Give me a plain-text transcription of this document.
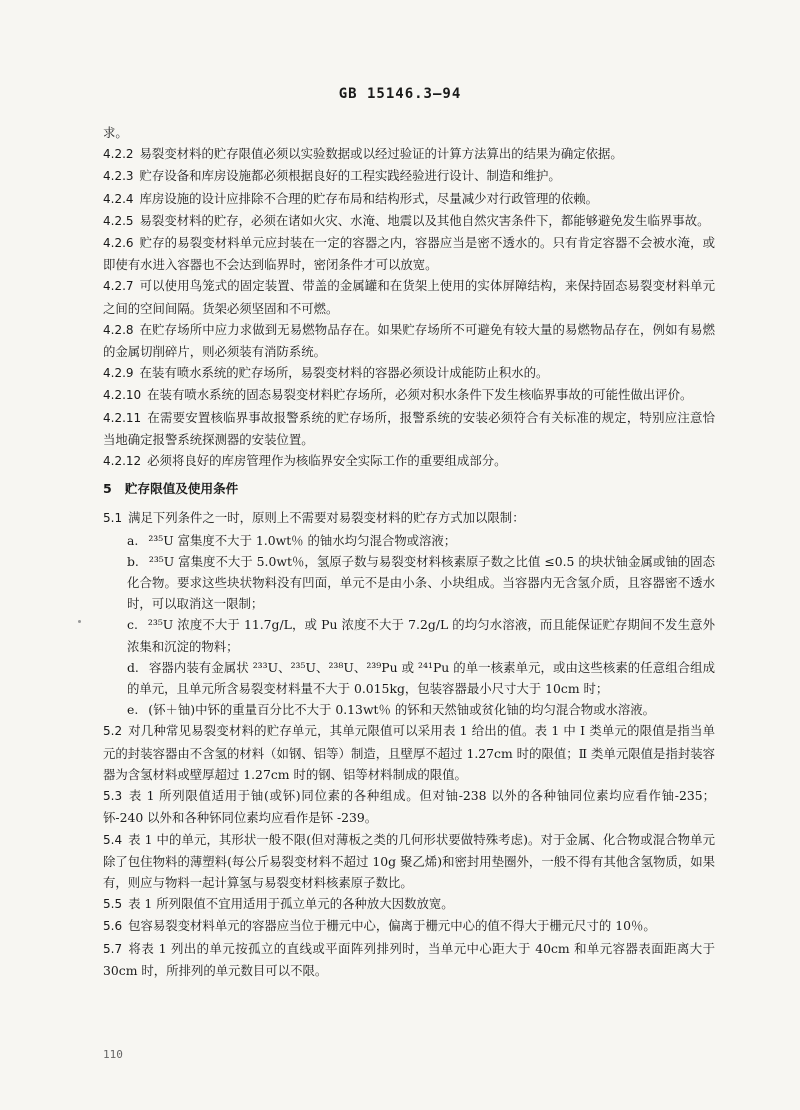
GB 15146.3—94

求。

4.2.2 易裂变材料的贮存限值必须以实验数据或以经过验证的计算方法算出的结果为确定依据。

4.2.3 贮存设备和库房设施都必须根据良好的工程实践经验进行设计、制造和维护。

4.2.4 库房设施的设计应排除不合理的贮存布局和结构形式，尽量减少对行政管理的依赖。

4.2.5 易裂变材料的贮存，必须在诸如火灾、水淹、地震以及其他自然灾害条件下，都能够避免发生临界事故。

4.2.6 贮存的易裂变材料单元应封装在一定的容器之内，容器应当是密不透水的。只有肯定容器不会被水淹，或即使有水进入容器也不会达到临界时，密闭条件才可以放宽。

4.2.7 可以使用鸟笼式的固定装置、带盖的金属罐和在货架上使用的实体屏障结构，来保持固态易裂变材料单元之间的空间间隔。货架必须坚固和不可燃。

4.2.8 在贮存场所中应力求做到无易燃物品存在。如果贮存场所不可避免有较大量的易燃物品存在，例如有易燃的金属切削碎片，则必须装有消防系统。

4.2.9 在装有喷水系统的贮存场所，易裂变材料的容器必须设计成能防止积水的。

4.2.10 在装有喷水系统的固态易裂变材料贮存场所，必须对积水条件下发生核临界事故的可能性做出评价。

4.2.11 在需要安置核临界事故报警系统的贮存场所，报警系统的安装必须符合有关标准的规定，特别应注意恰当地确定报警系统探测器的安装位置。

4.2.12 必须将良好的库房管理作为核临界安全实际工作的重要组成部分。

5 贮存限值及使用条件

5.1 满足下列条件之一时，原则上不需要对易裂变材料的贮存方式加以限制：

a. ²³⁵U 富集度不大于 1.0wt％ 的铀水均匀混合物或溶液；

b. ²³⁵U 富集度不大于 5.0wt％，氢原子数与易裂变材料核素原子数之比值 ≤0.5 的块状铀金属或铀的固态化合物。要求这些块状物料没有凹面，单元不是由小条、小块组成。当容器内无含氢介质，且容器密不透水时，可以取消这一限制；

c. ²³⁵U 浓度不大于 11.7g/L，或 Pu 浓度不大于 7.2g/L 的均匀水溶液，而且能保证贮存期间不发生意外浓集和沉淀的物料；

d. 容器内装有金属状 ²³³U、²³⁵U、²³⁸U、²³⁹Pu 或 ²⁴¹Pu 的单一核素单元，或由这些核素的任意组合组成的单元，且单元所含易裂变材料量不大于 0.015kg，包装容器最小尺寸大于 10cm 时；

e. (钚＋铀)中钚的重量百分比不大于 0.13wt％ 的钚和天然铀或贫化铀的均匀混合物或水溶液。

5.2 对几种常见易裂变材料的贮存单元，其单元限值可以采用表 1 给出的值。表 1 中 Ⅰ 类单元的限值是指当单元的封装容器由不含氢的材料（如钢、铝等）制造，且壁厚不超过 1.27cm 时的限值；Ⅱ 类单元限值是指封装容器为含氢材料或壁厚超过 1.27cm 时的钢、铝等材料制成的限值。

5.3 表 1 所列限值适用于铀(或钚)同位素的各种组成。但对铀-238 以外的各种铀同位素均应看作铀-235；钚-240 以外和各种钚同位素均应看作是钚 -239。

5.4 表 1 中的单元，其形状一般不限(但对薄板之类的几何形状要做特殊考虑)。对于金属、化合物或混合物单元除了包住物料的薄塑料(每公斤易裂变材料不超过 10g 聚乙烯)和密封用垫圈外，一般不得有其他含氢物质，如果有，则应与物料一起计算氢与易裂变材料核素原子数比。

5.5 表 1 所列限值不宜用适用于孤立单元的各种放大因数放宽。

5.6 包容易裂变材料单元的容器应当位于栅元中心，偏离于栅元中心的值不得大于栅元尺寸的 10％。

5.7 将表 1 列出的单元按孤立的直线或平面阵列排列时，当单元中心距大于 40cm 和单元容器表面距离大于 30cm 时，所排列的单元数目可以不限。

110
